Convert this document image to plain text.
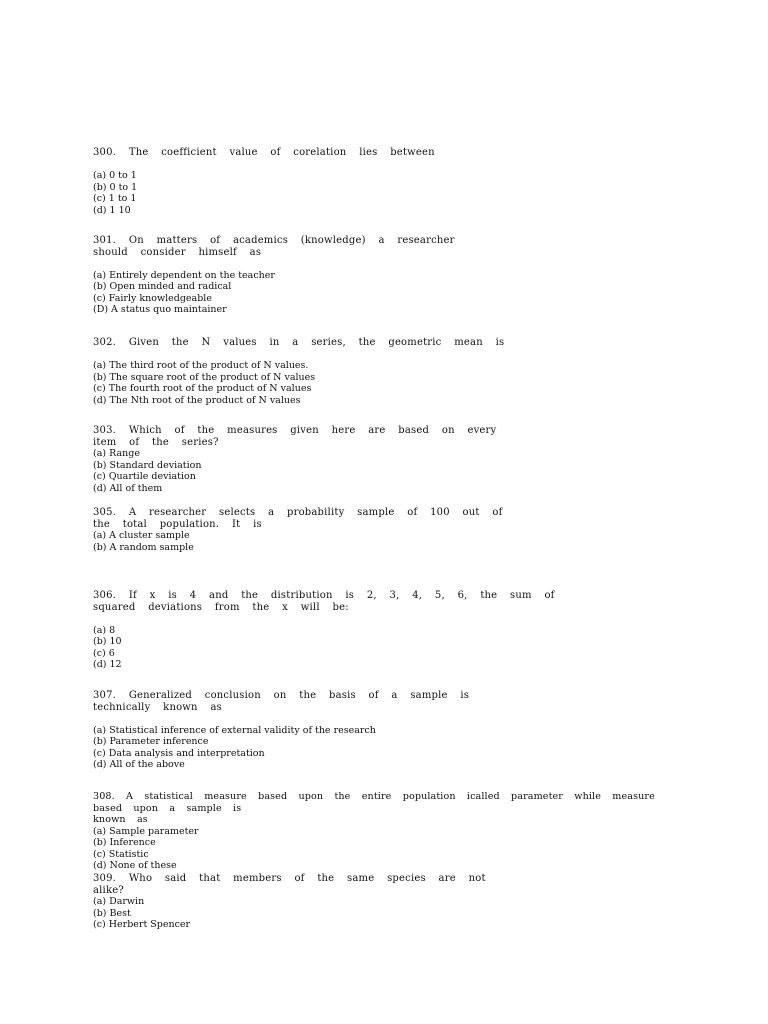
300.  The  coefficient  value  of  corelation  lies  between
(a) 0 to 1
(b) 0 to 1
(c) 1 to 1
(d) 1 10
301.  On  matters  of  academics  (knowledge)  a  researcher
should  consider  himself  as
(a) Entirely dependent on the teacher
(b) Open minded and radical
(c) Fairly knowledgeable
(D) A status quo maintainer
302.  Given  the  N  values  in  a  series,  the  geometric  mean  is
(a) The third root of the product of N values.
(b) The square root of the product of N values
(c) The fourth root of the product of N values
(d) The Nth root of the product of N values
303.  Which  of  the  measures  given  here  are  based  on  every
item  of  the  series?
(a) Range
(b) Standard deviation
(c) Quartile deviation
(d) All of them
305.  A  researcher  selects  a  probability  sample  of  100  out  of
the  total  population.  It  is
(a) A cluster sample
(b) A random sample
306.  If  x  is  4  and  the  distribution  is  2,  3,  4,  5,  6,  the  sum  of
squared  deviations  from  the  x  will  be:
(a) 8
(b) 10
(c) 6
(d) 12
307.  Generalized  conclusion  on  the  basis  of  a  sample  is
technically  known  as
(a) Statistical inference of external validity of the research
(b) Parameter inference
(c) Data analysis and interpretation
(d) All of the above
308.  A  statistical  measure  based  upon  the  entire  population  icalled  parameter  while  measure  based  upon  a  sample  is
known  as
(a) Sample parameter
(b) Inference
(c) Statistic
(d) None of these
309.  Who  said  that  members  of  the  same  species  are  not
alike?
(a) Darwin
(b) Best
(c) Herbert Spencer
